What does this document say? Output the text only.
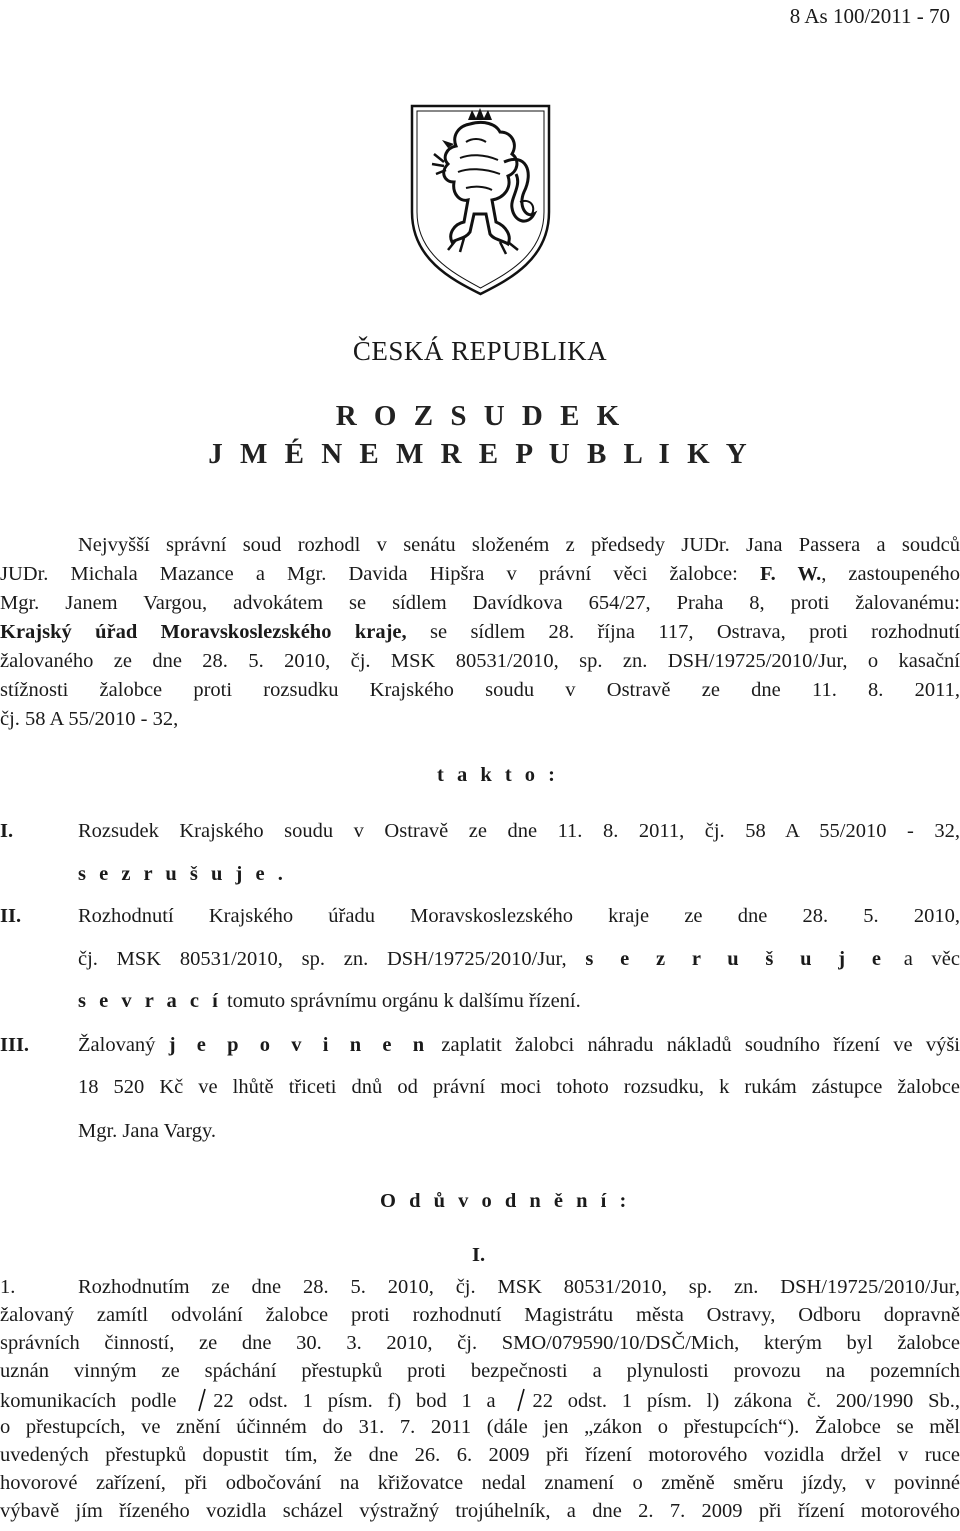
8 As 100/2011 - 70
ČESKÁ REPUBLIKA
R O Z S U D E K
J M É N E M R E P U B L I K Y
Nejvyšší správní soud rozhodl v senátu složeném z předsedy JUDr. Jana Passera a soudců
JUDr. Michala Mazance a Mgr. Davida Hipšra v právní věci žalobce: F. W., zastoupeného
Mgr. Janem Vargou, advokátem se sídlem Davídkova 654/27, Praha 8, proti žalovanému:
Krajský úřad Moravskoslezského kraje, se sídlem 28. října 117, Ostrava, proti rozhodnutí
žalovaného ze dne 28. 5. 2010, čj. MSK 80531/2010, sp. zn. DSH/19725/2010/Jur, o kasační
stížnosti žalobce proti rozsudku Krajského soudu v Ostravě ze dne 11. 8. 2011,
čj. 58 A 55/2010 - 32,
t a k t o :
I.	Rozsudek Krajského soudu v Ostravě ze dne 11. 8. 2011, čj. 58 A 55/2010 - 32,
s e z r u š u j e .
II.	Rozhodnutí Krajského úřadu Moravskoslezského kraje ze dne 28. 5. 2010,
čj. MSK 80531/2010, sp. zn. DSH/19725/2010/Jur, s e z r u š u j e a věc
s e v r a c í tomuto správnímu orgánu k dalšímu řízení.
III. Žalovaný j e p o v i n e n zaplatit žalobci náhradu nákladů soudního řízení ve výši
18 520 Kč ve lhůtě třiceti dnů od právní moci tohoto rozsudku, k rukám zástupce žalobce
Mgr. Jana Vargy.
O d ů v o d n ě n í :
I.
1.	Rozhodnutím ze dne 28. 5. 2010, čj. MSK 80531/2010, sp. zn. DSH/19725/2010/Jur,
žalovaný zamítl odvolání žalobce proti rozhodnutí Magistrátu města Ostravy, Odboru dopravně
správních činností, ze dne 30. 3. 2010, čj. SMO/079590/10/DSČ/Mich, kterým byl žalobce
uznán vinným ze spáchání přestupků proti bezpečnosti a plynulosti provozu na pozemních
komunikacích podle 22 odst. 1 písm. f) bod 1 a 22 odst. 1 písm. l) zákona č. 200/1990 Sb.,
o přestupcích, ve znění účinném do 31. 7. 2011 (dále jen „zákon o přestupcích“). Žalobce se měl
uvedených přestupků dopustit tím, že dne 26. 6. 2009 při řízení motorového vozidla držel v ruce
hovorové zařízení, při odbočování na křižovatce nedal znamení o změně směru jízdy, v povinné
výbavě jím řízeného vozidla scházel výstražný trojúhelník, a dne 2. 7. 2009 při řízení motorového
